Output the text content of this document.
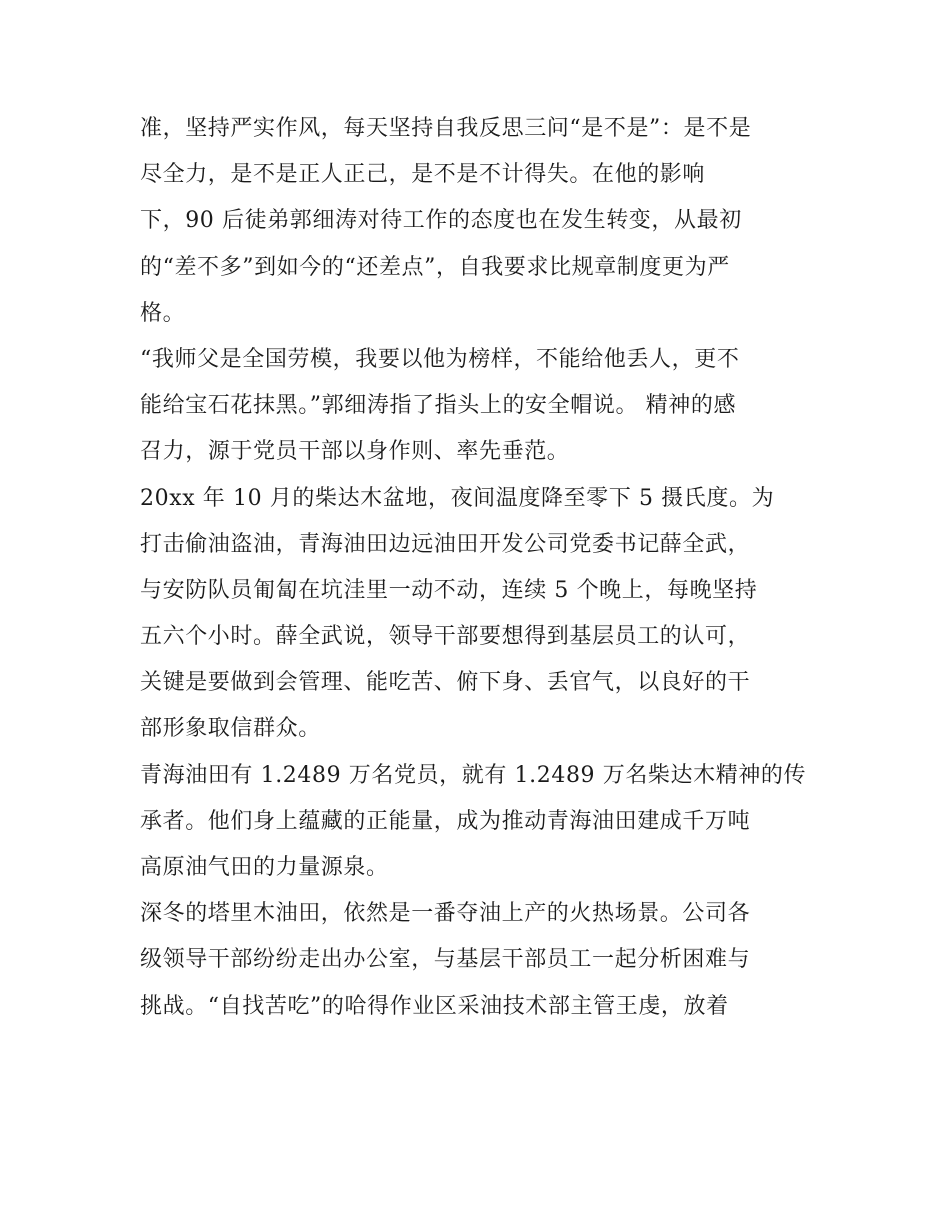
准，坚持严实作风，每天坚持自我反思三问“是不是”：是不是
尽全力，是不是正人正己，是不是不计得失。在他的影响
下，90 后徒弟郭细涛对待工作的态度也在发生转变，从最初
的“差不多”到如今的“还差点”，自我要求比规章制度更为严
格。
“我师父是全国劳模，我要以他为榜样，不能给他丢人，更不
能给宝石花抹黑。”郭细涛指了指头上的安全帽说。 精神的感
召力，源于党员干部以身作则、率先垂范。
20xx 年 10 月的柴达木盆地，夜间温度降至零下 5 摄氏度。为
打击偷油盗油，青海油田边远油田开发公司党委书记薛全武，
与安防队员匍匐在坑洼里一动不动，连续 5 个晚上，每晚坚持
五六个小时。薛全武说，领导干部要想得到基层员工的认可，
关键是要做到会管理、能吃苦、俯下身、丢官气，以良好的干
部形象取信群众。
青海油田有 1.2489 万名党员，就有 1.2489 万名柴达木精神的传
承者。他们身上蕴藏的正能量，成为推动青海油田建成千万吨
高原油气田的力量源泉。
深冬的塔里木油田，依然是一番夺油上产的火热场景。公司各
级领导干部纷纷走出办公室，与基层干部员工一起分析困难与
挑战。“自找苦吃”的哈得作业区采油技术部主管王虔，放着
